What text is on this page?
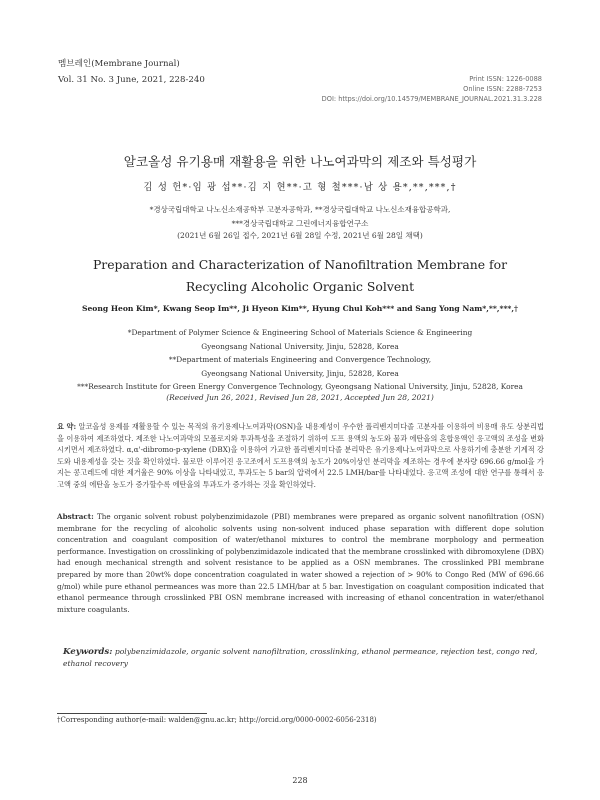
멤브레인(Membrane Journal)
Vol. 31 No. 3 June, 2021, 228-240	Print ISSN: 1226-0088
Online ISSN: 2288-7253
DOI: https://doi.org/10.14579/MEMBRANE_JOURNAL.2021.31.3.228
알코올성 유기용매 재활용을 위한 나노여과막의 제조와 특성평가
김 성 헌*·임 광 섭**·김 지 현**·고 형 철***·남 상 용*,**,***,†
*경상국립대학교 나노신소재공학부 고분자공학과, **경상국립대학교 나노신소재융합공학과,
***경상국립대학교 그린에너지융합연구소
(2021년 6월 26일 접수, 2021년 6월 28일 수정, 2021년 6월 28일 채택)
Preparation and Characterization of Nanofiltration Membrane for
Recycling Alcoholic Organic Solvent
Seong Heon Kim*, Kwang Seop Im**, Ji Hyeon Kim**, Hyung Chul Koh*** and Sang Yong Nam*,**,***,†
*Department of Polymer Science & Engineering School of Materials Science & Engineering
Gyeongsang National University, Jinju, 52828, Korea
**Department of materials Engineering and Convergence Technology,
Gyeongsang National University, Jinju, 52828, Korea
***Research Institute for Green Energy Convergence Technology, Gyeongsang National University, Jinju, 52828, Korea
(Received Jun 26, 2021, Revised Jun 28, 2021, Accepted Jun 28, 2021)

요 약: 알코올성 용제를 재활용할 수 있는 목적의 유기용제나노여과막(OSN)을 내용제성이 우수한 폴리벤지미다졸 고분자를 이용하여 비용매 유도 상분리법을 이용하여 제조하였다. 제조한 나노여과막의 모폴로지와 투과특성을 조절하기 위하여 도프 용액의 농도와 물과 에탄올의 혼합용액인 응고액의 조성을 변화시키면서 제조하였다. α,α'-dibromo-p-xylene (DBX)을 이용하여 가교한 폴리벤지미다졸 분리막은 유기용제나노여과막으로 사용하기에 충분한 기계적 강도와 내용제성을 갖는 것을 확인하였다. 물로만 이루어진 응고조에서 도프용액의 농도가 20%이상인 분리막을 제조하는 경우에 분자량 696.66 g/mol을 가지는 콩고레드에 대한 제거율은 90% 이상을 나타내었고, 투과도는 5 bar의 압력에서 22.5 LMH/bar를 나타내었다. 응고액 조성에 대한 연구를 통해서 응고액 중의 에탄올 농도가 증가할수록 에탄올의 투과도가 증가하는 것을 확인하였다.

Abstract: The organic solvent robust polybenzimidazole (PBI) membranes were prepared as organic solvent nanofiltration (OSN) membrane for the recycling of alcoholic solvents using non-solvent induced phase separation with different dope solution concentration and coagulant composition of water/ethanol mixtures to control the membrane morphology and permeation performance. Investigation on crosslinking of polybenzimidazole indicated that the membrane crosslinked with dibromoxylene (DBX) had enough mechanical strength and solvent resistance to be applied as a OSN membranes. The crosslinked PBI membrane prepared by more than 20wt% dope concentration coagulated in water showed a rejection of > 90% to Congo Red (MW of 696.66 g/mol) while pure ethanol permeances was more than 22.5 LMH/bar at 5 bar. Investigation on coagulant composition indicated that ethanol permeance through crosslinked PBI OSN membrane increased with increasing of ethanol concentration in water/ethanol mixture coagulants.

Keywords: polybenzimidazole, organic solvent nanofiltration, crosslinking, ethanol permeance, rejection test, congo red, ethanol recovery

†Corresponding author(e-mail: walden@gnu.ac.kr; http://orcid.org/0000-0002-6056-2318)
228
